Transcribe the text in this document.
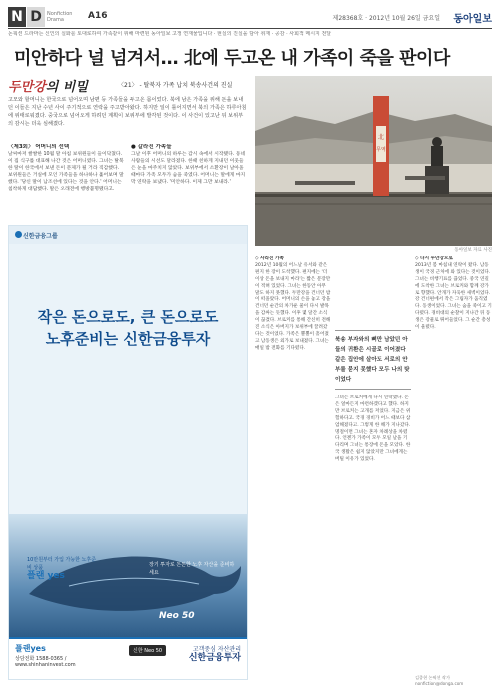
N D	Nonfiction Drama	A16	제28368호 · 2012년 10월 26일 금요일 동아일보
논픽션 드라마는 신인의 실화를 토대로하여 가족같이 위해 마련된 동아일보 고정 연재물입니다 · 현실의 진실을 담아 취재 · 공감 · 사회적 메시지 전달
미안하다 널 넘겨서… 北에 두고온 내 가족이 죽을 판이다
두만강의 비밀	〈21〉 - 탈북자 가족 납치 북송사건의 진실
고모와 할머니는 한국으로 넘어오며 남편 등 가족들을 두고온 몸이었다. 북에 남은 가족을 위해 돈을 보내던 이들은 지난 수년 사이 주기적으로 연락을 주고받아왔다. 하지만 일이 틀어지면서 북의 가족은 하루아침에 위태로워졌다. 중국으로 넘어오게 하려던 계획이 보위부에 발각된 것이다. 이 사건이 있고난 뒤 보위부의 감시는 더욱 심해졌다.
〈제3회〉 어머니의 선택
날씨마저 쌀쌀한 10월 말 아침 보위원들이 들이닥쳤다. 이 집 식구를 대표해 나간 것은 어머니였다. 그녀는 탈북한 딸이 한국에서 보낸 돈이 문제가 될 거라 직감했다. 보위원들은 거실에 모인 가족들을 하나하나 훑어보며 말했다. '당신 딸이 남조선에 있다는 것을 안다.' 어머니는 침착하게 대답했다. 딸은 오래전에 행방불명됐다고.
● 갈라진 가족들
그날 이후 어머니의 하루는 감시 속에서 시작됐다. 동네 사람들의 시선도 달라졌다. 한때 친하게 지내던 이웃들은 눈을 마주치지 않았다. 보위부에서 소환장이 날아올 때마다 가족 모두가 숨을 죽였다. 어머니는 딸에게 마지막 연락을 보냈다. '미안하다. 이제 그만 보내라.'
北
무역
동아일보 자료 사진
신한금융그룹
작은 돈으로도, 큰 돈으로도
노후준비는 신한금융투자
10만원부터 가입 가능한 노후준비 상품
플랜 yes
장기 투자로 든든한 노후 자산을 준비하세요
Neo 50
플랜yes
상담전화 1588-0365 / www.shinhaninvest.com
신한 Neo 50	고객중심 자산관리
신한금융투자
◇ 사라진 가족
2012년 10월의 어느날 유서와 같은 편지 한 장이 도착했다. 편지에는 '더 이상 돈을 보내지 마라'는 짧은 문장만이 적혀 있었다. 그녀는 한동안 아무 말도 하지 못했다. 두만강을 건너던 밤이 떠올랐다. 어머니의 손을 놓고 강을 건너던 순간의 차가운 물이 다시 발목을 감싸는 듯했다. 이후 몇 달간 소식이 끊겼다. 브로커를 통해 간신히 전해진 소식은 아버지가 보위부에 끌려갔다는 것이었다. 가족은 뿔뿔이 흩어졌고 남동생은 외가로 보내졌다. 그녀는 매일 밤 전화를 기다렸다.
북송 부자와의 뼈만 남았던 아들의 귀환은 시골로 이어졌다 같은 집안에 살아도 서로의 안부를 묻지 못했다 모두 나의 탓이었다
그녀는 브로커에게 다시 연락했다. 돈은 얼마든지 마련하겠다고 했다. 하지만 브로커는 고개를 저었다. 지금은 위험하다고. 국경 경비가 어느 때보다 삼엄해졌다고. 그렇게 한 해가 지나갔다. 명절이면 그녀는 혼자 차례상을 차렸다. 언젠가 가족이 모두 모일 날을 기다리며 그녀는 통장에 돈을 모았다. 한국 생활은 쉽지 않았지만 그녀에게는 버틸 이유가 있었다.
◇ 다시 두만강으로
2013년 봄 마침내 연락이 왔다. 남동생이 국경 근처에 와 있다는 것이었다. 그녀는 비행기표를 끊었다. 중국 연길에 도착한 그녀는 브로커와 함께 강가로 향했다. 안개가 자욱한 새벽이었다. 강 건너편에서 작은 그림자가 움직였다. 동생이었다. 그녀는 숨을 죽이고 기다렸다. 경비대의 순찰이 지나간 뒤 동생은 강물로 뛰어들었다. 그 순간 총성이 울렸다.
김종현 논픽션 작가 nonfiction@donga.com
